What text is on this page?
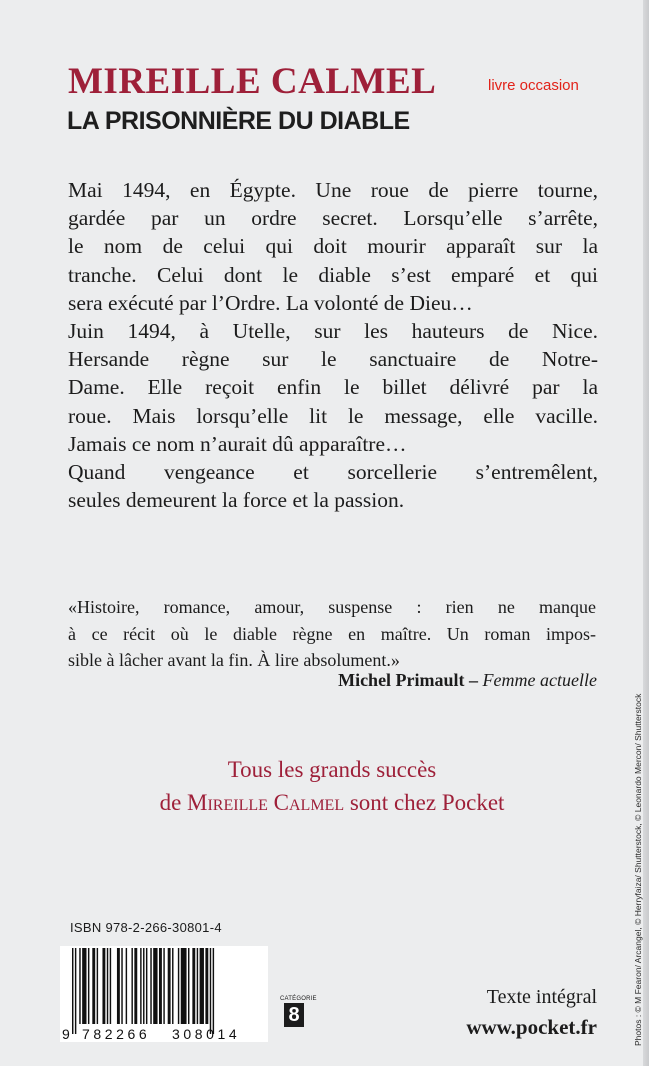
MIREILLE CALMEL	livre occasion
LA PRISONNIÈRE DU DIABLE

Mai 1494, en Égypte. Une roue de pierre tourne,
gardée par un ordre secret. Lorsqu’elle s’arrête,
le nom de celui qui doit mourir apparaît sur la
tranche. Celui dont le diable s’est emparé et qui
sera exécuté par l’Ordre. La volonté de Dieu…
Juin 1494, à Utelle, sur les hauteurs de Nice.
Hersande règne sur le sanctuaire de Notre-
Dame. Elle reçoit enfin le billet délivré par la
roue. Mais lorsqu’elle lit le message, elle vacille.
Jamais ce nom n’aurait dû apparaître…
Quand vengeance et sorcellerie s’entremêlent,
seules demeurent la force et la passion.

«Histoire, romance, amour, suspense : rien ne manque
à ce récit où le diable règne en maître. Un roman impos-
sible à lâcher avant la fin. À lire absolument.»

Michel Primault – Femme actuelle
Tous les grands succès
de Mireille Calmel sont chez Pocket
ISBN 978-2-266-30801-4
9 782266 308014
CATÉGORIE
8
Texte intégral
www.pocket.fr	Photos : © M Fearon/ Arcangel, © Herryfaiza/ Shutterstock, © Leonardo Mercon/ Shutterstock
